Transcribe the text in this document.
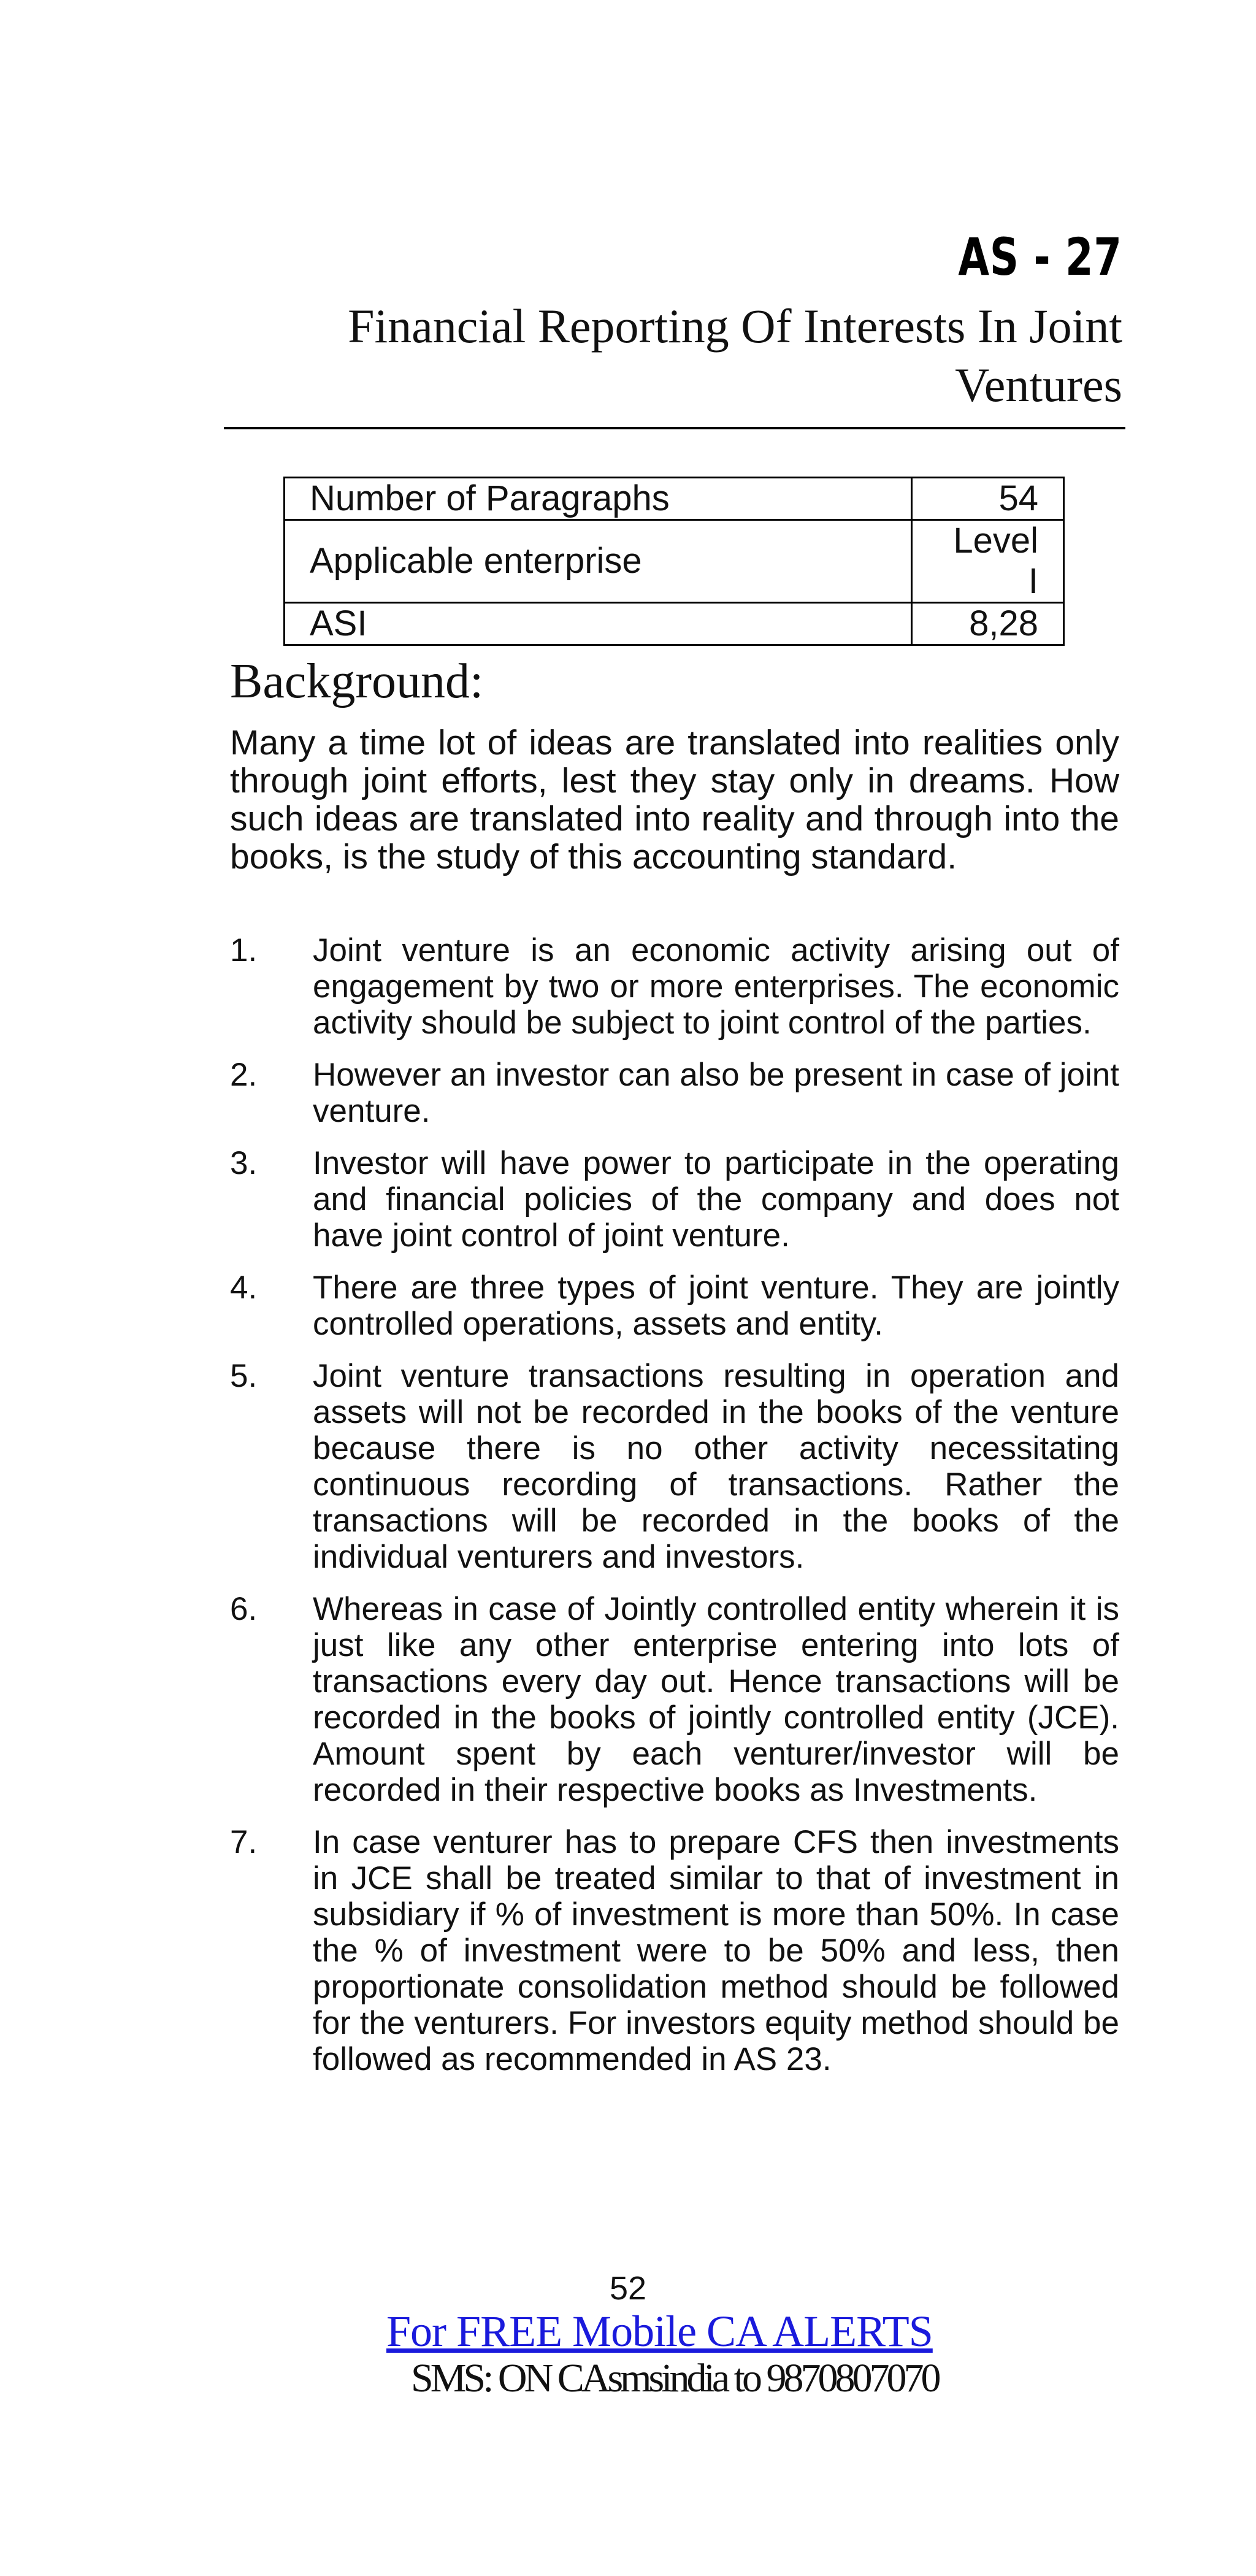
AS - 27
Financial Reporting Of Interests In Joint Ventures
Number of Paragraphs	54
Applicable enterprise	Level I
ASI	8,28
Background:
Many a time lot of ideas are translated into realities only through joint efforts, lest they stay only in dreams. How such ideas are translated into reality and through into the books, is the study of this accounting standard.
1. Joint venture is an economic activity arising out of engagement by two or more enterprises. The economic activity should be subject to joint control of the parties.
2. However an investor can also be present in case of joint venture.
3. Investor will have power to participate in the operating and financial policies of the company and does not have joint control of joint venture.
4. There are three types of joint venture. They are jointly controlled operations, assets and entity.
5. Joint venture transactions resulting in operation and assets will not be recorded in the books of the venture because there is no other activity necessitating continuous recording of transactions. Rather the transactions will be recorded in the books of the individual venturers and investors.
6. Whereas in case of Jointly controlled entity wherein it is just like any other enterprise entering into lots of transactions every day out. Hence transactions will be recorded in the books of jointly controlled entity (JCE). Amount spent by each venturer/investor will be recorded in their respective books as Investments.
7. In case venturer has to prepare CFS then investments in JCE shall be treated similar to that of investment in subsidiary if % of investment is more than 50%. In case the % of investment were to be 50% and less, then proportionate consolidation method should be followed for the venturers. For investors equity method should be followed as recommended in AS 23.
52
For FREE Mobile CA ALERTS
SMS: ON CAsmsindia to 9870807070
